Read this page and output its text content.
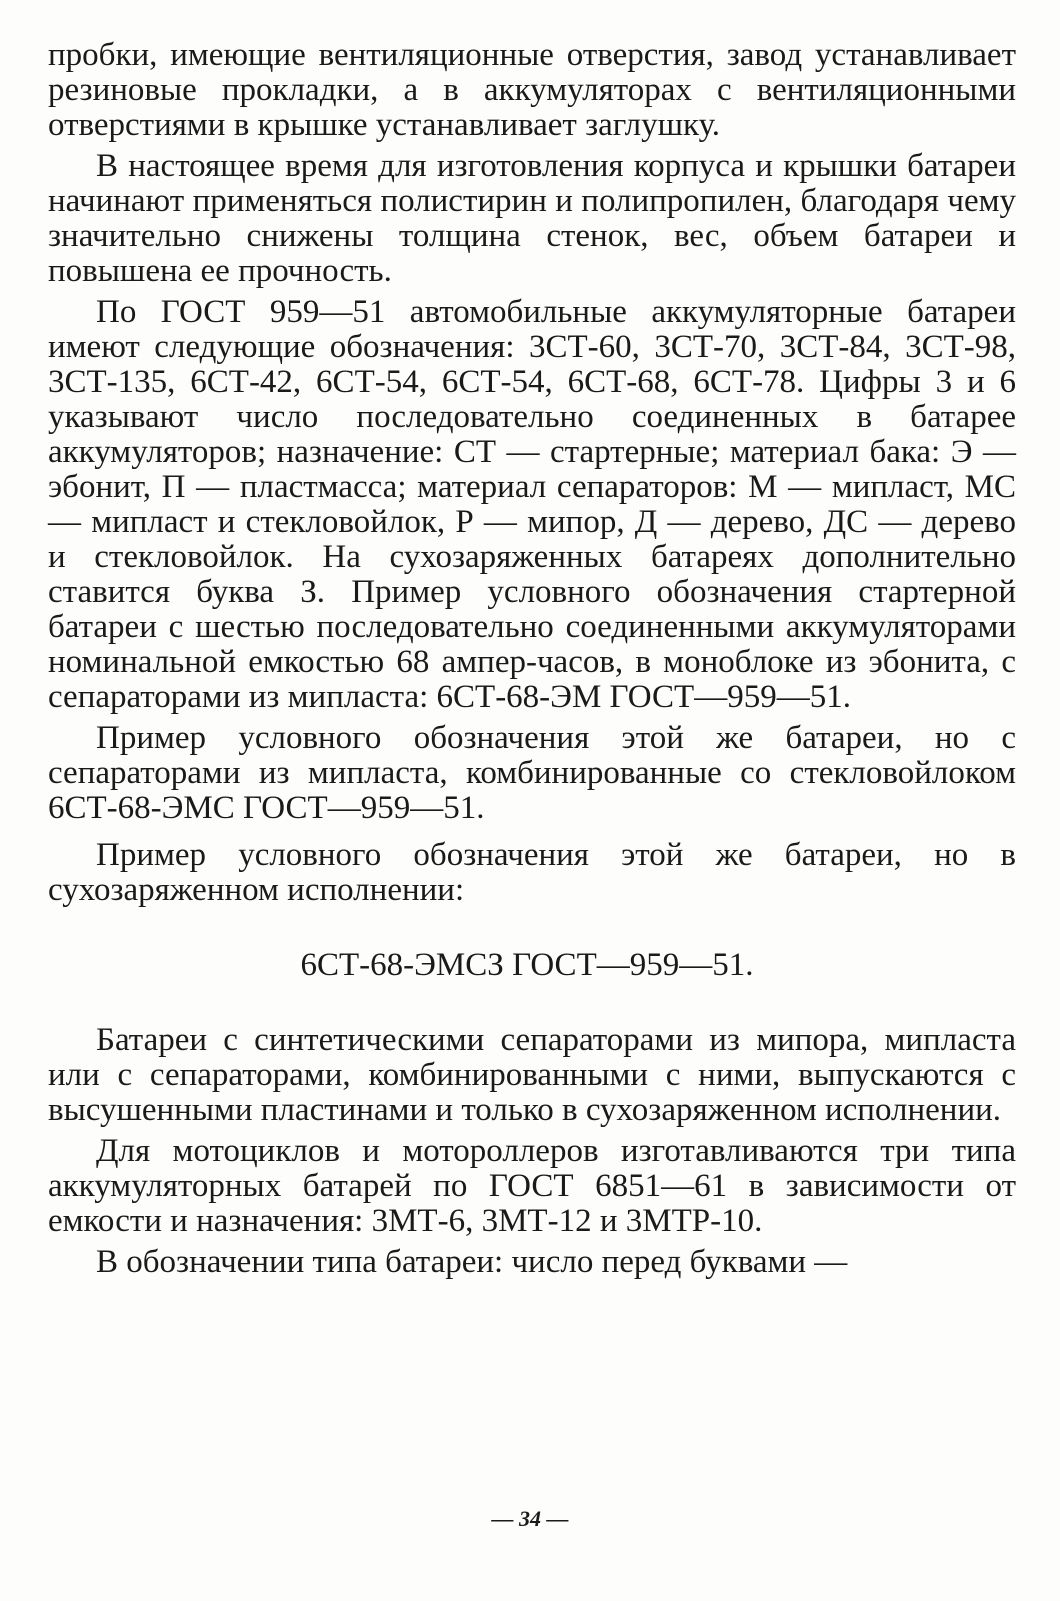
пробки, имеющие вентиляционные отверстия, завод устанавливает резиновые прокладки, а в аккумуляторах с вентиляционными отверстиями в крышке устанавливает заглушку.

В настоящее время для изготовления корпуса и крышки батареи начинают применяться полистирин и полипропилен, благодаря чему значительно снижены толщина стенок, вес, объем батареи и повышена ее прочность.

По ГОСТ 959—51 автомобильные аккумуляторные батареи имеют следующие обозначения: 3СТ-60, 3СТ-70, 3СТ-84, 3СТ-98, 3СТ-135, 6СТ-42, 6СТ-54, 6СТ-54, 6СТ-68, 6СТ-78. Цифры 3 и 6 указывают число последовательно соединенных в батарее аккумуляторов; назначение: СТ — стартерные; материал бака: Э — эбонит, П — пластмасса; материал сепараторов: М — мипласт, МС — мипласт и стекловойлок, Р — мипор, Д — дерево, ДС — дерево и стекловойлок. На сухозаряженных батареях дополнительно ставится буква З. Пример условного обозначения стартерной батареи с шестью последовательно соединенными аккумуляторами номинальной емкостью 68 ампер-часов, в моноблоке из эбонита, с сепараторами из мипласта: 6СТ-68-ЭМ ГОСТ—959—51.

Пример условного обозначения этой же батареи, но с сепараторами из мипласта, комбинированные со стекловойлоком 6СТ-68-ЭМС ГОСТ—959—51.

Пример условного обозначения этой же батареи, но в сухозаряженном исполнении:

6СТ-68-ЭМСЗ ГОСТ—959—51.

Батареи с синтетическими сепараторами из мипора, мипласта или с сепараторами, комбинированными с ними, выпускаются с высушенными пластинами и только в сухозаряженном исполнении.

Для мотоциклов и мотороллеров изготавливаются три типа аккумуляторных батарей по ГОСТ 6851—61 в зависимости от емкости и назначения: 3МТ-6, 3МТ-12 и 3МТР-10.

В обозначении типа батареи: число перед буквами —

— 34 —
